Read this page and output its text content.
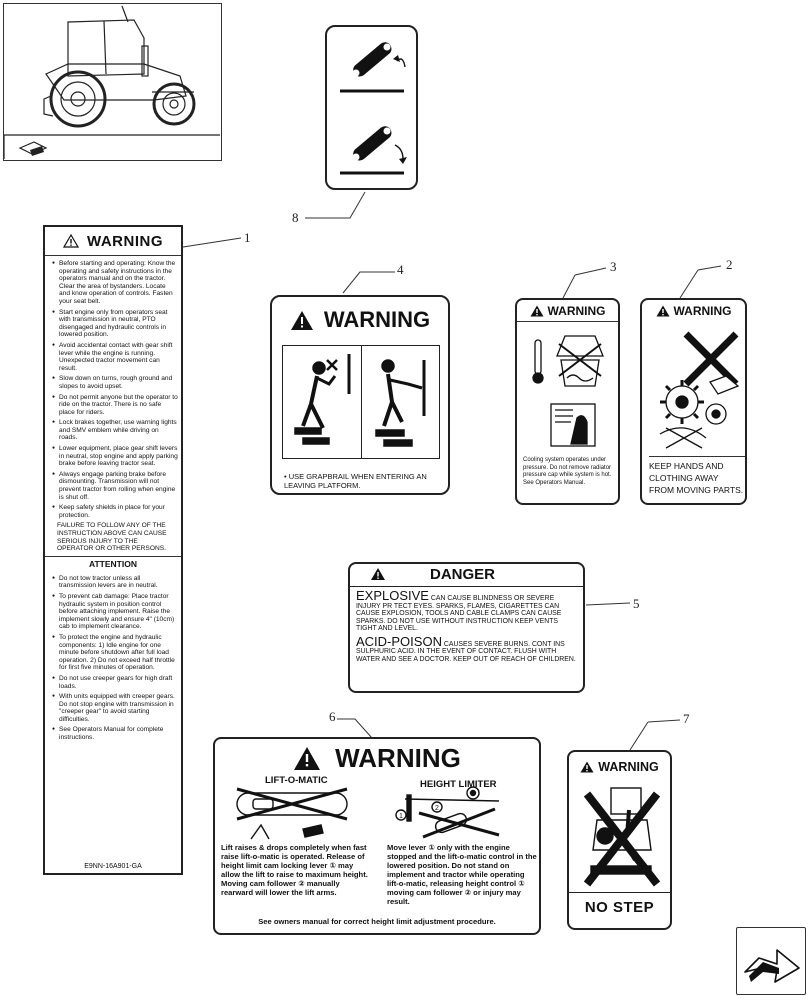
1
2
3
4
5
6	7
8
WARNING
● Before starting and operating: Know the operating and safety instructions in the operators manual and on the tractor. Clear the area of bystanders. Locate and know operation of controls. Fasten your seat belt.
● Start engine only from operators seat with transmission in neutral, PTO disengaged and hydraulic controls in lowered position.
● Avoid accidental contact with gear shift lever while the engine is running. Unexpected tractor movement can result.
● Slow down on turns, rough ground and slopes to avoid upset.
● Do not permit anyone but the operator to ride on the tractor. There is no safe place for riders.
● Lock brakes together, use warning lights and SMV emblem while driving on roads.
● Lower equipment, place gear shift levers in neutral, stop engine and apply parking brake before leaving tractor seat.
● Always engage parking brake before dismounting. Transmission will not prevent tractor from rolling when engine is shut off.
● Keep safety shields in place for your protection.
FAILURE TO FOLLOW ANY OF THE INSTRUCTION ABOVE CAN CAUSE SERIOUS INJURY TO THE OPERATOR OR OTHER PERSONS.
ATTENTION
● Do not tow tractor unless all transmission levers are in neutral.
● To prevent cab damage: Place tractor hydraulic system in position control before attaching implement. Raise the implement slowly and ensure 4" (10cm) cab to implement clearance.
● To protect the engine and hydraulic components: 1) Idle engine for one minute before shutdown after full load operation. 2) Do not exceed half throttle for first five minutes of operation.
● Do not use creeper gears for high draft loads.
● With units equipped with creeper gears. Do not stop engine with transmission in "creeper gear" to avoid starting difficulties.
● See Operators Manual for complete instructions.
E9NN-16A901-GA
WARNING
• USE GRAPBRAIL WHEN ENTERING AN LEAVING PLATFORM.
WARNING
Cooling system operates under pressure. Do not remove radiator pressure cap while system is hot. See Operators Manual.
WARNING
KEEP HANDS AND CLOTHING AWAY FROM MOVING PARTS.
DANGER
EXPLOSIVE CAN CAUSE BLINDNESS OR SEVERE INJURY PR TECT EYES. SPARKS, FLAMES, CIGARETTES CAN CAUSE EXPLOSION, TOOLS AND CABLE CLAMPS CAN CAUSE SPARKS. DO NOT USE WITHOUT INSTRUCTION KEEP VENTS TIGHT AND LEVEL.
ACID-POISON CAUSES SEVERE BURNS. CONT INS SULPHURIC ACID. IN THE EVENT OF CONTACT. FLUSH WITH WATER AND SEE A DOCTOR. KEEP OUT OF REACH OF CHILDREN.
WARNING
LIFT-O-MATIC	HEIGHT LIMITER
1
2
Lift raises & drops completely when fast raise lift-o-matic is operated. Release of height limit cam locking lever ① may allow the lift to raise to maximum height. Moving cam follower ② manually rearward will lower the lift arms.
Move lever ① only with the engine stopped and the lift-o-matic control in the lowered position. Do not stand on implement and tractor while operating lift-o-matic, releasing height control ① moving cam follower ② or injury may result.
See owners manual for correct height limit adjustment procedure.
WARNING
NO STEP
